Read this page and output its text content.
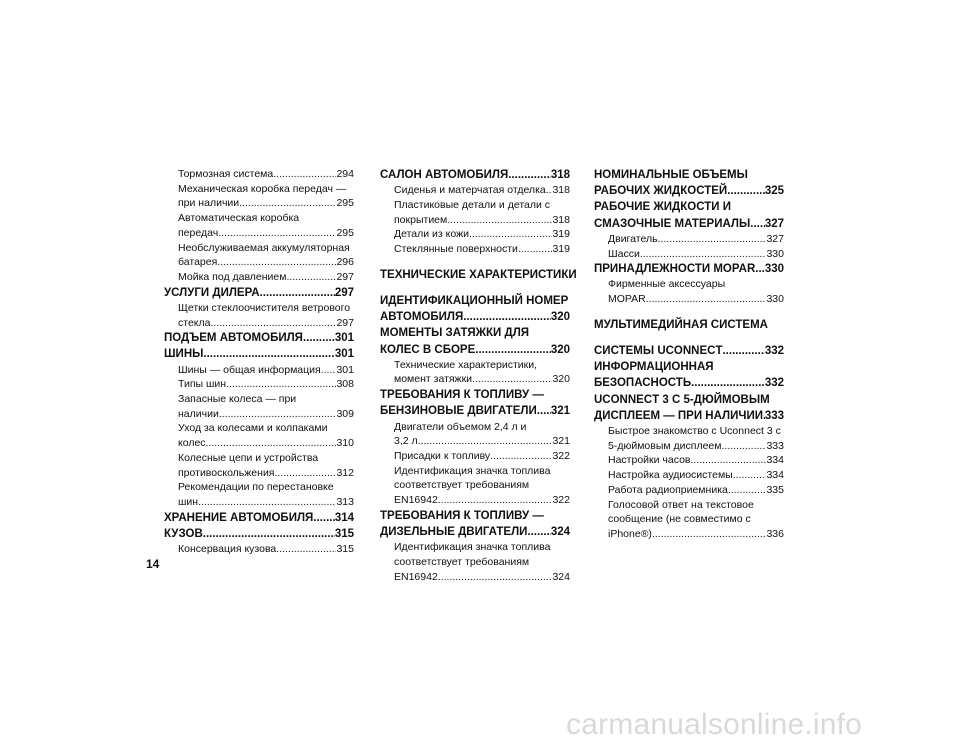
Тормозная система .....	294
Механическая коробка передач —
при наличии .....	295
Автоматическая коробка
передач .....	295
Необслуживаемая аккумуляторная
батарея .....	296
Мойка под давлением .....	297
УСЛУГИ ДИЛЕРА .....	297
Щетки стеклоочистителя ветрового
стекла .....	297
ПОДЪЕМ АВТОМОБИЛЯ .....	301
ШИНЫ .....	301
Шины — общая информация ..... 301
Типы шин .....	308
Запасные колеса — при
наличии .....	309
Уход за колесами и колпаками
колес .....	310
Колесные цепи и устройства
противоскольжения .....	312
Рекомендации по перестановке
шин .....	313
ХРАНЕНИЕ АВТОМОБИЛЯ ..... 314
КУЗОВ .....	315
Консервация кузова .....	315
САЛОН АВТОМОБИЛЯ .....	318
Сиденья и матерчатая отделка ..... 318
Пластиковые детали и детали с
покрытием .....	318
Детали из кожи .....	319
Стеклянные поверхности .....	319
ТЕХНИЧЕСКИЕ ХАРАКТЕРИСТИКИ
ИДЕНТИФИКАЦИОННЫЙ НОМЕР
АВТОМОБИЛЯ .....	320
МОМЕНТЫ ЗАТЯЖКИ ДЛЯ
КОЛЕС В СБОРЕ .....	320
Технические характеристики,
момент затяжки .....	320
ТРЕБОВАНИЯ К ТОПЛИВУ —
БЕНЗИНОВЫЕ ДВИГАТЕЛИ ..... 321
Двигатели объемом 2,4 л и
3,2 л .....	321
Присадки к топливу .....	322
Идентификация значка топлива
соответствует требованиям
EN16942 .....	322
ТРЕБОВАНИЯ К ТОПЛИВУ —
ДИЗЕЛЬНЫЕ ДВИГАТЕЛИ ..... 324
Идентификация значка топлива
соответствует требованиям
EN16942 .....	324
НОМИНАЛЬНЫЕ ОБЪЕМЫ
РАБОЧИХ ЖИДКОСТЕЙ .....	325
РАБОЧИЕ ЖИДКОСТИ И
СМАЗОЧНЫЕ МАТЕРИАЛЫ ..... 327
Двигатель .....	327
Шасси .....	330
ПРИНАДЛЕЖНОСТИ MOPAR ..... 330
Фирменные аксессуары
MOPAR .....	330
МУЛЬТИМЕДИЙНАЯ СИСТЕМА
СИСТЕМЫ UCONNECT .....	332
ИНФОРМАЦИОННАЯ
БЕЗОПАСНОСТЬ .....	332
UCONNECT 3 С 5-ДЮЙМОВЫМ
ДИСПЛЕЕМ — ПРИ НАЛИЧИИ ..... 333
Быстрое знакомство с Uconnect 3 с
5-дюймовым дисплеем .....	333
Настройки часов .....	334
Настройка аудиосистемы .....	334
Работа радиоприемника .....	335
Голосовой ответ на текстовое
сообщение (не совместимо с
iPhone®) .....	336
14
carmanualsonline.info
